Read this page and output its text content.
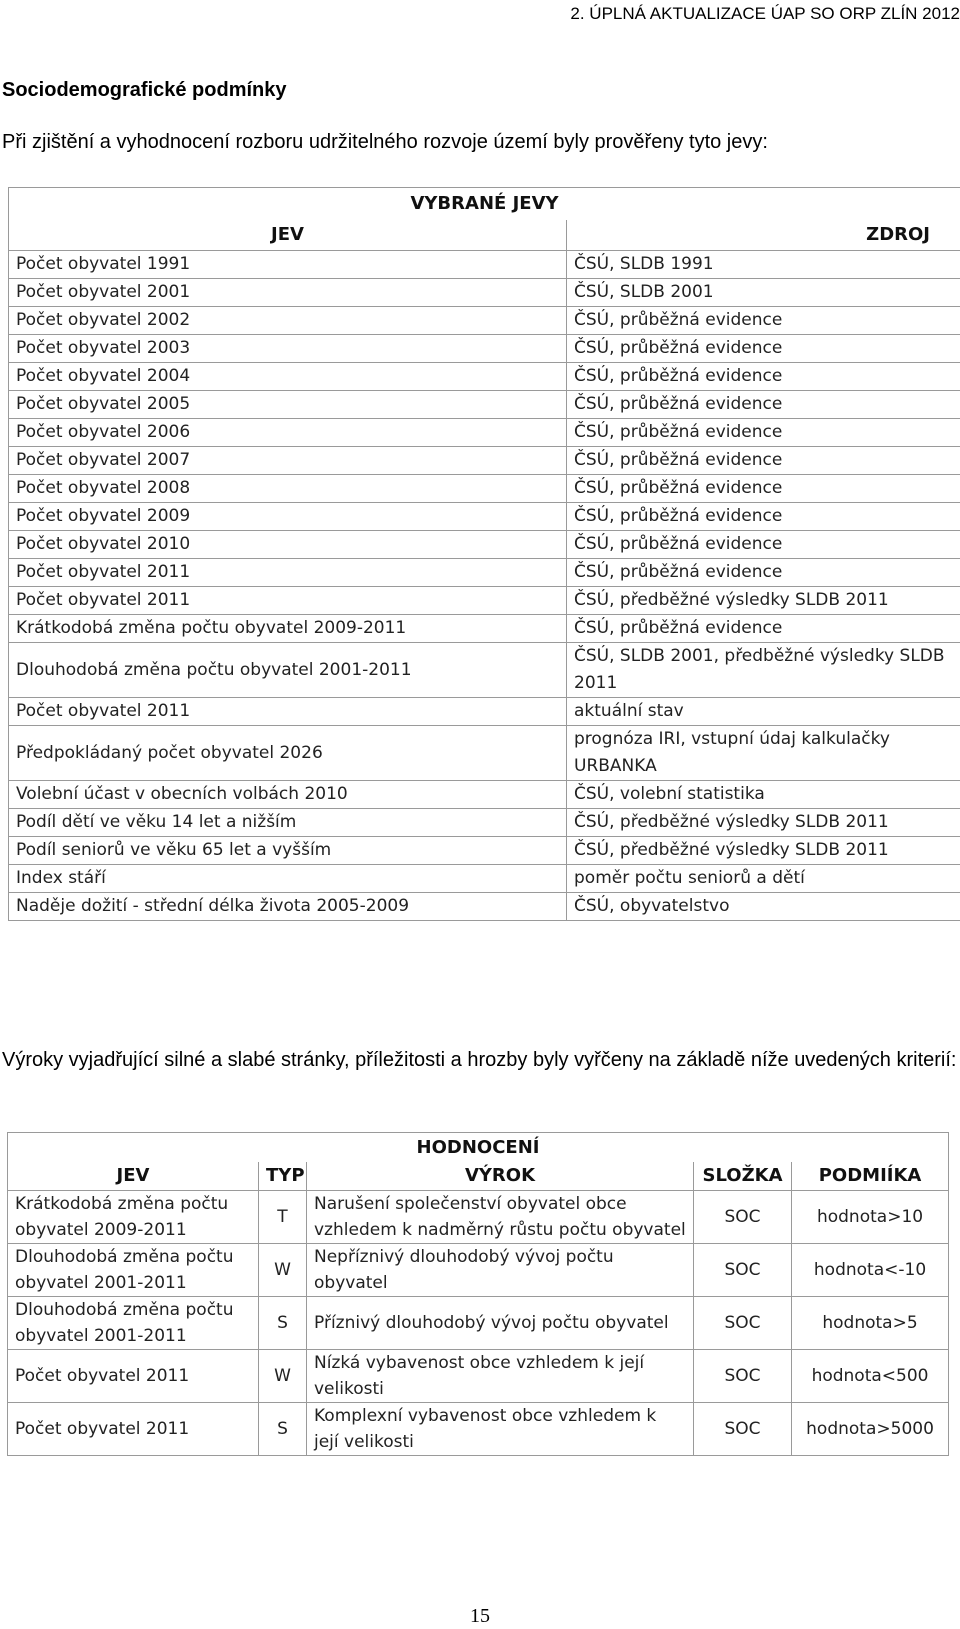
2. ÚPLNÁ AKTUALIZACE ÚAP SO ORP ZLÍN 2012
Sociodemografické podmínky
Při zjištění a vyhodnocení rozboru udržitelného rozvoje území byly prověřeny tyto jevy:
VYBRANÉ JEVY	
JEV	ZDROJ
Počet obyvatel 1991	ČSÚ, SLDB 1991
Počet obyvatel 2001	ČSÚ, SLDB 2001
Počet obyvatel 2002	ČSÚ, průběžná evidence
Počet obyvatel 2003	ČSÚ, průběžná evidence
Počet obyvatel 2004	ČSÚ, průběžná evidence
Počet obyvatel 2005	ČSÚ, průběžná evidence
Počet obyvatel 2006	ČSÚ, průběžná evidence
Počet obyvatel 2007	ČSÚ, průběžná evidence
Počet obyvatel 2008	ČSÚ, průběžná evidence
Počet obyvatel 2009	ČSÚ, průběžná evidence
Počet obyvatel 2010	ČSÚ, průběžná evidence
Počet obyvatel 2011	ČSÚ, průběžná evidence
Počet obyvatel 2011	ČSÚ, předběžné výsledky SLDB 2011
Krátkodobá změna počtu obyvatel 2009-2011	ČSÚ, průběžná evidence
Dlouhodobá změna počtu obyvatel 2001-2011	ČSÚ, SLDB 2001, předběžné výsledky SLDB 2011
Počet obyvatel 2011	aktuální stav
Předpokládaný počet obyvatel 2026	prognóza IRI, vstupní údaj kalkulačky URBANKA
Volební účast v obecních volbách 2010	ČSÚ, volební statistika
Podíl dětí ve věku 14 let a nižším	ČSÚ, předběžné výsledky SLDB 2011
Podíl seniorů ve věku 65 let a vyšším	ČSÚ, předběžné výsledky SLDB 2011
Index stáří	poměr počtu seniorů a dětí
Naděje dožití - střední délka života 2005-2009	ČSÚ, obyvatelstvo
Výroky vyjadřující silné a slabé stránky, příležitosti a hrozby byly vyřčeny na základě níže uvedených kriterií:
HODNOCENÍ				
JEV	TYP	VÝROK	SLOŽKA	PODMIÍKA
Krátkodobá změna počtu obyvatel 2009-2011	T	Narušení společenství obyvatel obce vzhledem k nadměrný růstu počtu obyvatel	SOC	hodnota>10
Dlouhodobá změna počtu obyvatel 2001-2011	W	Nepříznivý dlouhodobý vývoj počtu obyvatel	SOC	hodnota<-10
Dlouhodobá změna počtu obyvatel 2001-2011	S	Příznivý dlouhodobý vývoj počtu obyvatel	SOC	hodnota>5
Počet obyvatel 2011	W	Nízká vybavenost obce vzhledem k její velikosti	SOC	hodnota<500
Počet obyvatel 2011	S	Komplexní vybavenost obce vzhledem k její velikosti	SOC	hodnota>5000
15
